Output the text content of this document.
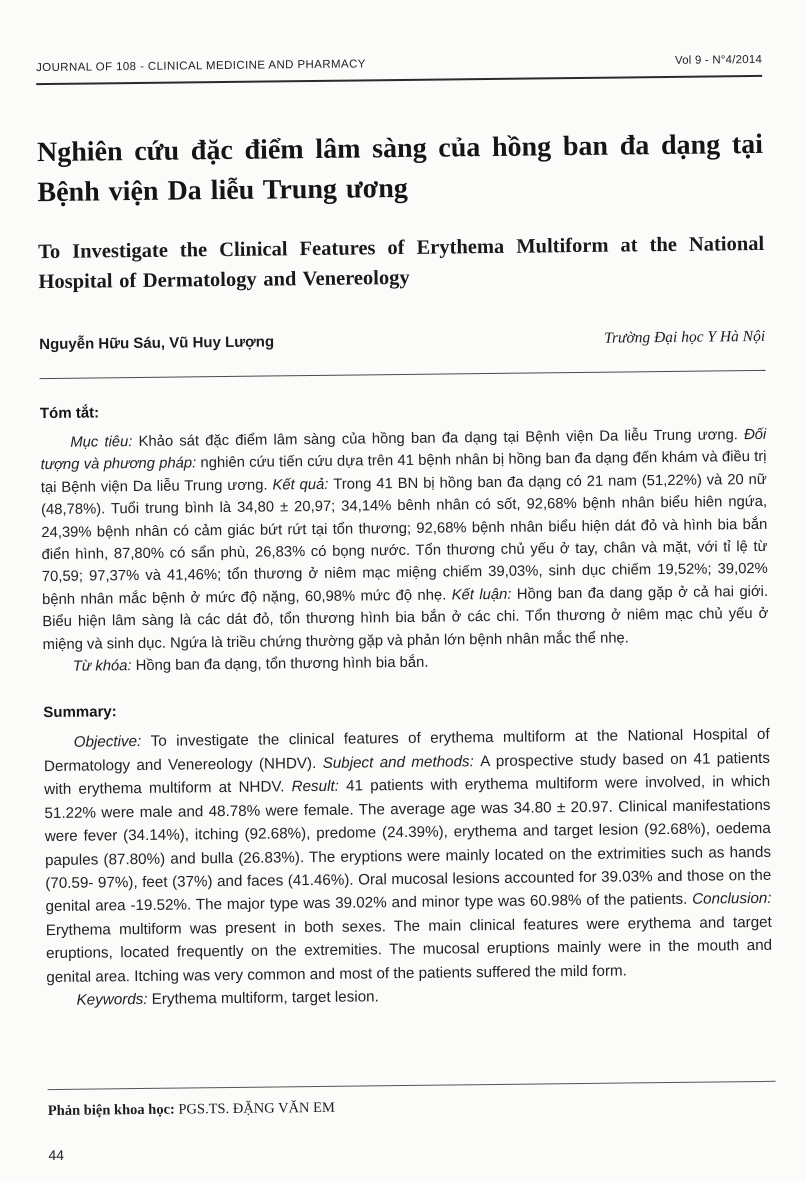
JOURNAL OF 108 - CLINICAL MEDICINE AND PHARMACY	Vol 9 - N°4/2014
Nghiên cứu đặc điểm lâm sàng của hồng ban đa dạng tại Bệnh viện Da liễu Trung ương
To Investigate the Clinical Features of Erythema Multiform at the National Hospital of Dermatology and Venereology
Nguyễn Hữu Sáu, Vũ Huy Lượng	Trường Đại học Y Hà Nội
Tóm tắt:

Mục tiêu: Khảo sát đặc điểm lâm sàng của hồng ban đa dạng tại Bệnh viện Da liễu Trung ương. Đối tượng và phương pháp: nghiên cứu tiến cứu dựa trên 41 bệnh nhân bị hồng ban đa dạng đến khám và điều trị tại Bệnh viện Da liễu Trung ương. Kết quả: Trong 41 BN bị hồng ban đa dạng có 21 nam (51,22%) và 20 nữ (48,78%). Tuổi trung bình là 34,80 ± 20,97; 34,14% bênh nhân có sốt, 92,68% bệnh nhân biểu hiên ngứa, 24,39% bệnh nhân có cảm giác bứt rứt tại tổn thương; 92,68% bệnh nhân biểu hiện dát đỏ và hình bia bắn điển hình, 87,80% có sẩn phù, 26,83% có bọng nước. Tổn thương chủ yếu ở tay, chân và mặt, với tỉ lệ từ 70,59; 97,37% và 41,46%; tổn thương ở niêm mạc miệng chiếm 39,03%, sinh dục chiếm 19,52%; 39,02% bệnh nhân mắc bệnh ở mức độ nặng, 60,98% mức độ nhẹ. Kết luận: Hồng ban đa dang gặp ở cả hai giới. Biểu hiện lâm sàng là các dát đỏ, tổn thương hình bia bắn ở các chi. Tổn thương ở niêm mạc chủ yếu ở miệng và sinh dục. Ngứa là triều chứng thường gặp và phản lớn bệnh nhân mắc thể nhẹ.

Từ khóa: Hồng ban đa dạng, tổn thương hình bia bắn.

Summary:

Objective: To investigate the clinical features of erythema multiform at the National Hospital of Dermatology and Venereology (NHDV). Subject and methods: A prospective study based on 41 patients with erythema multiform at NHDV. Result: 41 patients with erythema multiform were involved, in which 51.22% were male and 48.78% were female. The average age was 34.80 ± 20.97. Clinical manifestations were fever (34.14%), itching (92.68%), predome (24.39%), erythema and target lesion (92.68%), oedema papules (87.80%) and bulla (26.83%). The eryptions were mainly located on the extrimities such as hands (70.59- 97%), feet (37%) and faces (41.46%). Oral mucosal lesions accounted for 39.03% and those on the genital area -19.52%. The major type was 39.02% and minor type was 60.98% of the patients. Conclusion: Erythema multiform was present in both sexes. The main clinical features were erythema and target eruptions, located frequently on the extremities. The mucosal eruptions mainly were in the mouth and genital area. Itching was very common and most of the patients suffered the mild form.

Keywords: Erythema multiform, target lesion.

Phản biện khoa học: PGS.TS. ĐẶNG VĂN EM

44
